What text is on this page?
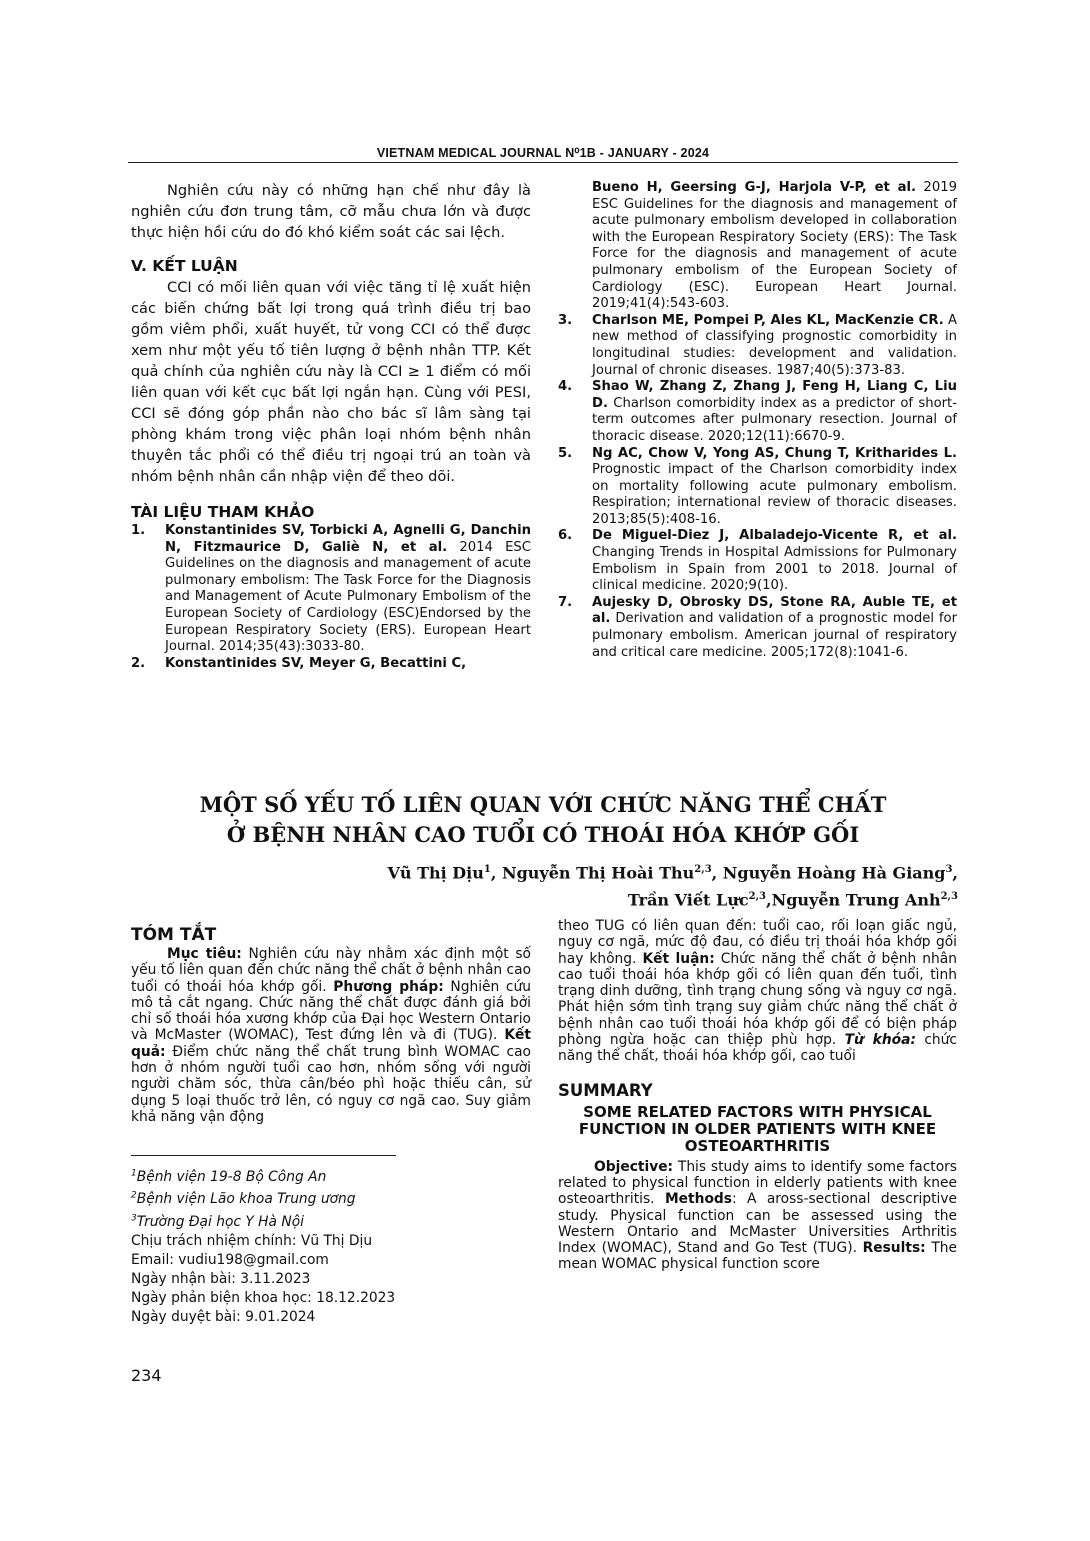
VIETNAM MEDICAL JOURNAL N⁰1B - JANUARY - 2024

Nghiên cứu này có những hạn chế như đây là nghiên cứu đơn trung tâm, cỡ mẫu chưa lớn và được thực hiện hồi cứu do đó khó kiểm soát các sai lệch.

V. KẾT LUẬN

CCI có mối liên quan với việc tăng tỉ lệ xuất hiện các biến chứng bất lợi trong quá trình điều trị bao gồm viêm phổi, xuất huyết, tử vong CCI có thể được xem như một yếu tố tiên lượng ở bệnh nhân TTP. Kết quả chính của nghiên cứu này là CCI ≥ 1 điểm có mối liên quan với kết cục bất lợi ngắn hạn. Cùng với PESI, CCI sẽ đóng góp phần nào cho bác sĩ lâm sàng tại phòng khám trong việc phân loại nhóm bệnh nhân thuyên tắc phổi có thể điều trị ngoại trú an toàn và nhóm bệnh nhân cần nhập viện để theo dõi.

TÀI LIỆU THAM KHẢO
1. Konstantinides SV, Torbicki A, Agnelli G, Danchin N, Fitzmaurice D, Galiè N, et al. 2014 ESC Guidelines on the diagnosis and management of acute pulmonary embolism: The Task Force for the Diagnosis and Management of Acute Pulmonary Embolism of the European Society of Cardiology (ESC)Endorsed by the European Respiratory Society (ERS). European Heart Journal. 2014;35(43):3033-80.
2. Konstantinides SV, Meyer G, Becattini C,
Bueno H, Geersing G-J, Harjola V-P, et al. 2019 ESC Guidelines for the diagnosis and management of acute pulmonary embolism developed in collaboration with the European Respiratory Society (ERS): The Task Force for the diagnosis and management of acute pulmonary embolism of the European Society of Cardiology (ESC). European Heart Journal. 2019;41(4):543-603.
3. Charlson ME, Pompei P, Ales KL, MacKenzie CR. A new method of classifying prognostic comorbidity in longitudinal studies: development and validation. Journal of chronic diseases. 1987;40(5):373-83.
4. Shao W, Zhang Z, Zhang J, Feng H, Liang C, Liu D. Charlson comorbidity index as a predictor of short-term outcomes after pulmonary resection. Journal of thoracic disease. 2020;12(11):6670-9.
5. Ng AC, Chow V, Yong AS, Chung T, Kritharides L. Prognostic impact of the Charlson comorbidity index on mortality following acute pulmonary embolism. Respiration; international review of thoracic diseases. 2013;85(5):408-16.
6. De Miguel-Diez J, Albaladejo-Vicente R, et al. Changing Trends in Hospital Admissions for Pulmonary Embolism in Spain from 2001 to 2018. Journal of clinical medicine. 2020;9(10).
7. Aujesky D, Obrosky DS, Stone RA, Auble TE, et al. Derivation and validation of a prognostic model for pulmonary embolism. American journal of respiratory and critical care medicine. 2005;172(8):1041-6.
MỘT SỐ YẾU TỐ LIÊN QUAN VỚI CHỨC NĂNG THỂ CHẤT
Ở BỆNH NHÂN CAO TUỔI CÓ THOÁI HÓA KHỚP GỐI
Vũ Thị Dịu$^1$, Nguyễn Thị Hoài Thu$^{2,3}$, Nguyễn Hoàng Hà Giang$^3$,
Trần Viết Lực$^{2,3}$,Nguyễn Trung Anh$^{2,3}$
TÓM TẮT

Mục tiêu: Nghiên cứu này nhằm xác định một số yếu tố liên quan đến chức năng thể chất ở bệnh nhân cao tuổi có thoái hóa khớp gối. Phương pháp: Nghiên cứu mô tả cắt ngang. Chức năng thể chất được đánh giá bởi chỉ số thoái hóa xương khớp của Đại học Western Ontario và McMaster (WOMAC), Test đứng lên và đi (TUG). Kết quả: Điểm chức năng thể chất trung bình WOMAC cao hơn ở nhóm người tuổi cao hơn, nhóm sống với người người chăm sóc, thừa cân/béo phì hoặc thiếu cân, sử dụng 5 loại thuốc trở lên, có nguy cơ ngã cao. Suy giảm khả năng vận động

$^1$Bệnh viện 19-8 Bộ Công An

$^2$Bệnh viện Lão khoa Trung ương

$^3$Trường Đại học Y Hà Nội

Chịu trách nhiệm chính: Vũ Thị Dịu

Email: vudiu198@gmail.com

Ngày nhận bài: 3.11.2023

Ngày phản biện khoa học: 18.12.2023

Ngày duyệt bài: 9.01.2024

theo TUG có liên quan đến: tuổi cao, rối loạn giấc ngủ, nguy cơ ngã, mức độ đau, có điều trị thoái hóa khớp gối hay không. Kết luận: Chức năng thể chất ở bệnh nhân cao tuổi thoái hóa khớp gối có liên quan đến tuổi, tình trạng dinh dưỡng, tình trạng chung sống và nguy cơ ngã. Phát hiện sớm tình trạng suy giảm chức năng thể chất ở bệnh nhân cao tuổi thoái hóa khớp gối để có biện pháp phòng ngừa hoặc can thiệp phù hợp. Từ khóa: chức năng thể chất, thoái hóa khớp gối, cao tuổi

SUMMARY
SOME RELATED FACTORS WITH PHYSICAL FUNCTION IN OLDER PATIENTS WITH KNEE OSTEOARTHRITIS

Objective: This study aims to identify some factors related to physical function in elderly patients with knee osteoarthritis. Methods: A aross-sectional descriptive study. Physical function can be assessed using the Western Ontario and McMaster Universities Arthritis Index (WOMAC), Stand and Go Test (TUG). Results: The mean WOMAC physical function score

234
